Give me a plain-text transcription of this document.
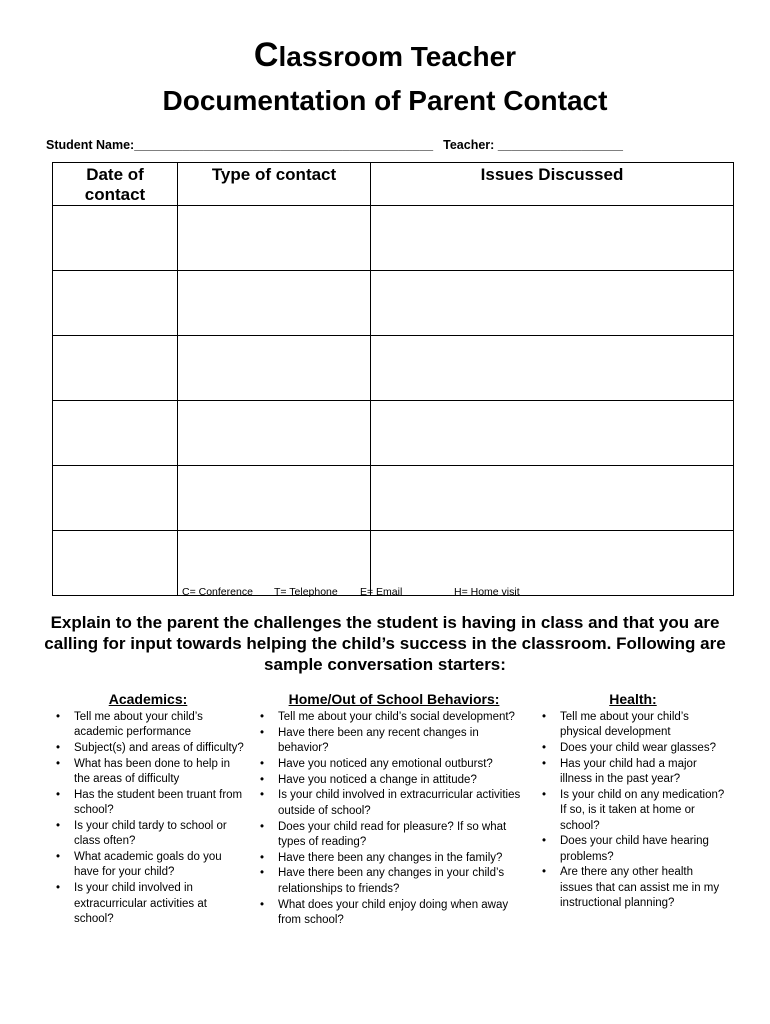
Classroom Teacher
Documentation of Parent Contact
Student Name:___________________________________________ Teacher: __________________
Date of contact	Type of contact	Issues Discussed

C= Conference T= Telephone E= Email	H= Home visit
Explain to the parent the challenges the student is having in class and that you are calling for input towards helping the child’s success in the classroom. Following are sample conversation starters:
Academics:
•	Tell me about your child’s academic performance
•	Subject(s) and areas of difficulty?
•	What has been done to help in the areas of difficulty
•	Has the student been truant from school?
•	Is your child tardy to school or class often?
•	What academic goals do you have for your child?
•	Is your child involved in extracurricular activities at school?
Home/Out of School Behaviors:
•	Tell me about your child’s social development?
•	Have there been any recent changes in behavior?
•	Have you noticed any emotional outburst?
•	Have you noticed a change in attitude?
•	Is your child involved in extracurricular activities outside of school?
•	Does your child read for pleasure? If so what types of reading?
•	Have there been any changes in the family?
•	Have there been any changes in your child’s relationships to friends?
•	What does your child enjoy doing when away from school?
Health:
•	Tell me about your child’s physical development
•	Does your child wear glasses?
•	Has your child had a major illness in the past year?
•	Is your child on any medication? If so, is it taken at home or school?
•	Does your child have hearing problems?
•	Are there any other health issues that can assist me in my instructional planning?
